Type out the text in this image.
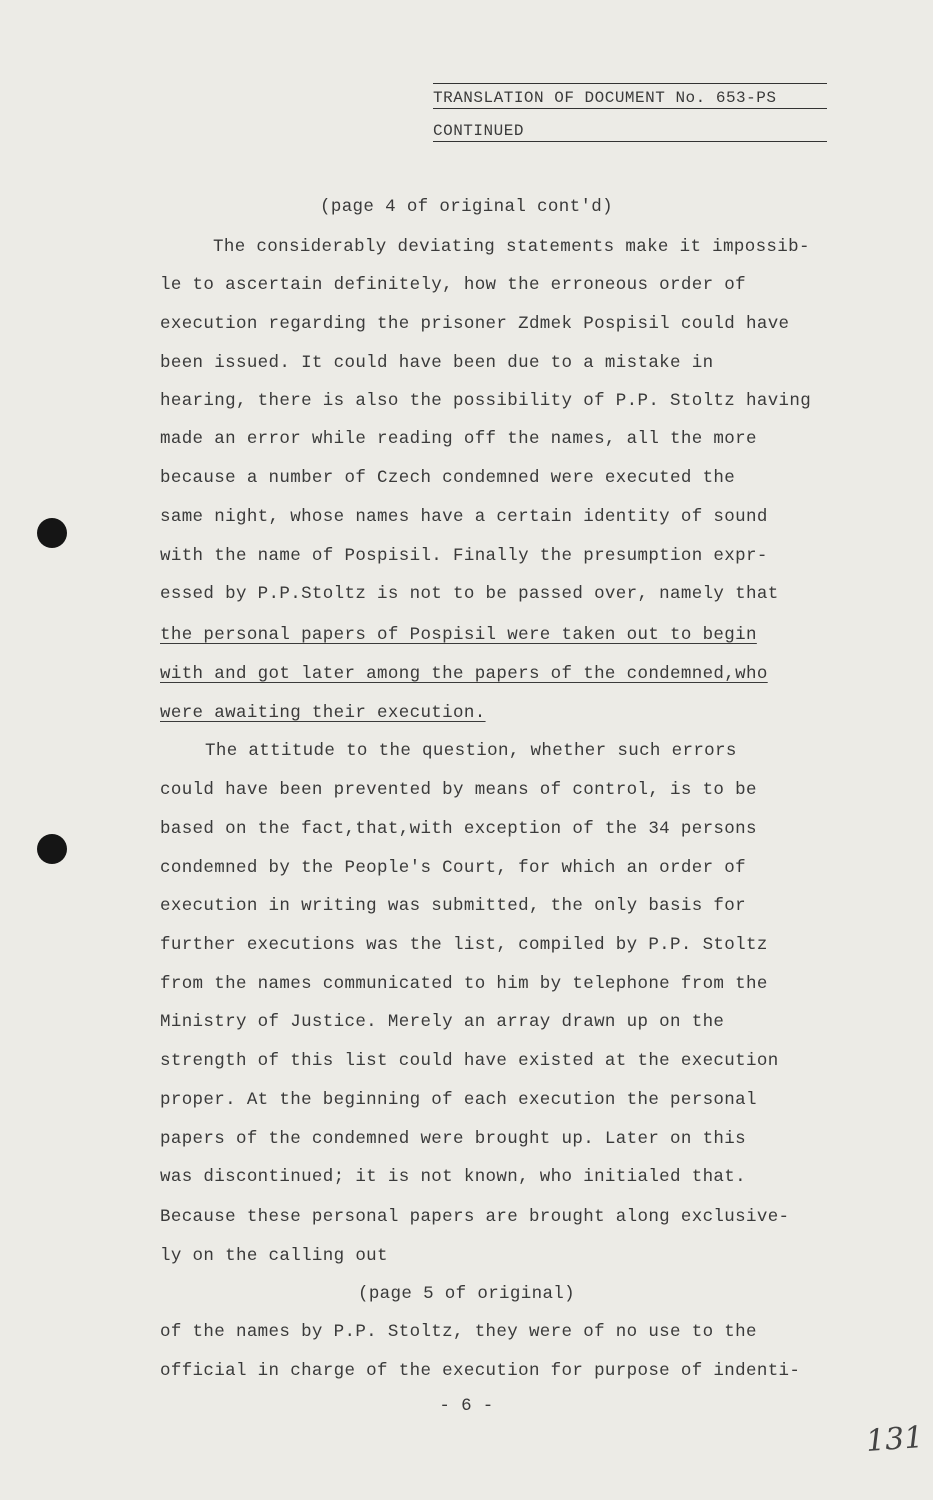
TRANSLATION OF DOCUMENT No. 653-PS
CONTINUED
(page 4 of original cont'd)
The considerably deviating statements make it impossib-
le to ascertain definitely, how the erroneous order of
execution regarding the prisoner Zdmek Pospisil could have
been issued. It could have been due to a mistake in
hearing, there is also the possibility of P.P. Stoltz having
made an error while reading off the names, all the more
because a number of Czech condemned were executed the
same night, whose names have a certain identity of sound
with the name of Pospisil. Finally the presumption expr-
essed by P.P.Stoltz is not to be passed over, namely that
the personal papers of Pospisil were taken out to begin
with and got later among the papers of the condemned,who
were awaiting their execution.
The attitude to the question, whether such errors
could have been prevented by means of control, is to be
based on the fact,that,with exception of the 34 persons
condemned by the People's Court, for which an order of
execution in writing was submitted, the only basis for
further executions was the list, compiled by P.P. Stoltz
from the names communicated to him by telephone from the
Ministry of Justice. Merely an array drawn up on the
strength of this list could have existed at the execution
proper. At the beginning of each execution the personal
papers of the condemned were brought up. Later on this
was discontinued; it is not known, who initialed that.
Because these personal papers are brought along exclusive-
ly on the calling out
(page 5 of original)
of the names by P.P. Stoltz, they were of no use to the
official in charge of the execution for purpose of indenti-
- 6 -
131
